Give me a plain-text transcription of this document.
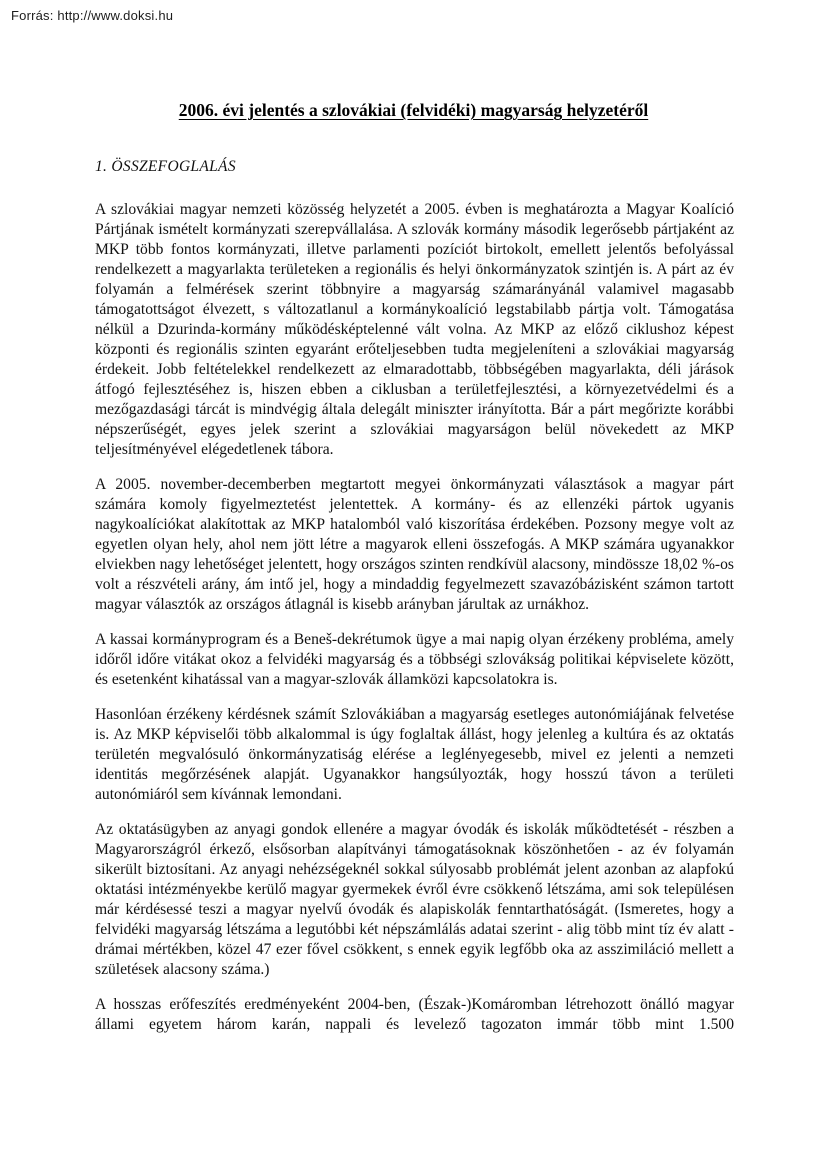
Forrás: http://www.doksi.hu
2006. évi jelentés a szlovákiai (felvidéki) magyarság helyzetéről
1. ÖSSZEFOGLALÁS

A szlovákiai magyar nemzeti közösség helyzetét a 2005. évben is meghatározta a Magyar Koalíció Pártjának ismételt kormányzati szerepvállalása. A szlovák kormány második legerősebb pártjaként az MKP több fontos kormányzati, illetve parlamenti pozíciót birtokolt, emellett jelentős befolyással rendelkezett a magyarlakta területeken a regionális és helyi önkormányzatok szintjén is. A párt az év folyamán a felmérések szerint többnyire a magyarság számarányánál valamivel magasabb támogatottságot élvezett, s változatlanul a kormánykoalíció legstabilabb pártja volt. Támogatása nélkül a Dzurinda-kormány működésképtelenné vált volna. Az MKP az előző ciklushoz képest központi és regionális szinten egyaránt erőteljesebben tudta megjeleníteni a szlovákiai magyarság érdekeit. Jobb feltételekkel rendelkezett az elmaradottabb, többségében magyarlakta, déli járások átfogó fejlesztéséhez is, hiszen ebben a ciklusban a területfejlesztési, a környezetvédelmi és a mezőgazdasági tárcát is mindvégig általa delegált miniszter irányította. Bár a párt megőrizte korábbi népszerűségét, egyes jelek szerint a szlovákiai magyarságon belül növekedett az MKP teljesítményével elégedetlenek tábora.

A 2005. november-decemberben megtartott megyei önkormányzati választások a magyar párt számára komoly figyelmeztetést jelentettek. A kormány- és az ellenzéki pártok ugyanis nagykoalíciókat alakítottak az MKP hatalomból való kiszorítása érdekében. Pozsony megye volt az egyetlen olyan hely, ahol nem jött létre a magyarok elleni összefogás. A MKP számára ugyanakkor elviekben nagy lehetőséget jelentett, hogy országos szinten rendkívül alacsony, mindössze 18,02 %-os volt a részvételi arány, ám intő jel, hogy a mindaddig fegyelmezett szavazóbázisként számon tartott magyar választók az országos átlagnál is kisebb arányban járultak az urnákhoz.

A kassai kormányprogram és a Beneš-dekrétumok ügye a mai napig olyan érzékeny probléma, amely időről időre vitákat okoz a felvidéki magyarság és a többségi szlovákság politikai képviselete között, és esetenként kihatással van a magyar-szlovák államközi kapcsolatokra is.

Hasonlóan érzékeny kérdésnek számít Szlovákiában a magyarság esetleges autonómiájának felvetése is. Az MKP képviselői több alkalommal is úgy foglaltak állást, hogy jelenleg a kultúra és az oktatás területén megvalósuló önkormányzatiság elérése a leglényegesebb, mivel ez jelenti a nemzeti identitás megőrzésének alapját. Ugyanakkor hangsúlyozták, hogy hosszú távon a területi autonómiáról sem kívánnak lemondani.

Az oktatásügyben az anyagi gondok ellenére a magyar óvodák és iskolák működtetését - részben a Magyarországról érkező, elsősorban alapítványi támogatásoknak köszönhetően - az év folyamán sikerült biztosítani. Az anyagi nehézségeknél sokkal súlyosabb problémát jelent azonban az alapfokú oktatási intézményekbe kerülő magyar gyermekek évről évre csökkenő létszáma, ami sok településen már kérdésessé teszi a magyar nyelvű óvodák és alapiskolák fenntarthatóságát. (Ismeretes, hogy a felvidéki magyarság létszáma a legutóbbi két népszámlálás adatai szerint - alig több mint tíz év alatt - drámai mértékben, közel 47 ezer fővel csökkent, s ennek egyik legfőbb oka az asszimiláció mellett a születések alacsony száma.)

A hosszas erőfeszítés eredményeként 2004-ben, (Észak-)Komáromban létrehozott önálló magyar állami egyetem három karán, nappali és levelező tagozaton immár több mint 1.500
